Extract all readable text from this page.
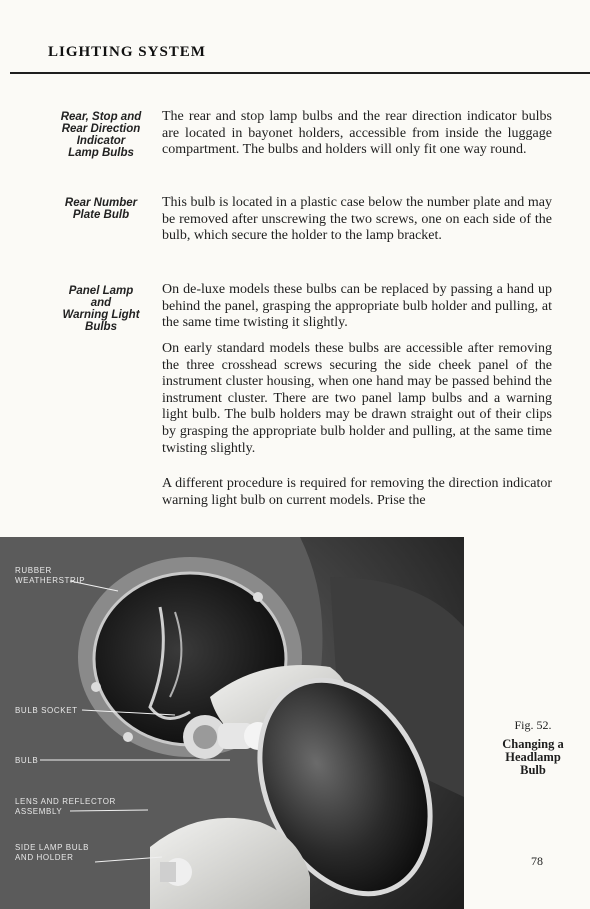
LIGHTING SYSTEM
Rear, Stop and
Rear Direction
Indicator
Lamp Bulbs

The rear and stop lamp bulbs and the rear direction indicator bulbs are located in bayonet holders, accessible from inside the luggage compartment. The bulbs and holders will only fit one way round.

Rear Number
Plate Bulb

This bulb is located in a plastic case below the number plate and may be removed after unscrewing the two screws, one on each side of the bulb, which secure the holder to the lamp bracket.

Panel Lamp
and
Warning Light
Bulbs

On de-luxe models these bulbs can be replaced by passing a hand up behind the panel, grasping the appropriate bulb holder and pulling, at the same time twisting it slightly.

On early standard models these bulbs are accessible after removing the three crosshead screws securing the side cheek panel of the instrument cluster housing, when one hand may be passed behind the instrument cluster. There are two panel lamp bulbs and a warning light bulb. The bulb holders may be drawn straight out of their clips by grasping the appropriate bulb holder and pulling, at the same time twisting slightly.

A different procedure is required for removing the direction indicator warning light bulb on current models. Prise the

RUBBER
WEATHERSTRIP
BULB SOCKET
BULB
LENS AND REFLECTOR
ASSEMBLY
SIDE LAMP BULB
AND HOLDER
Fig. 52.
Changing a
Headlamp
Bulb
78
